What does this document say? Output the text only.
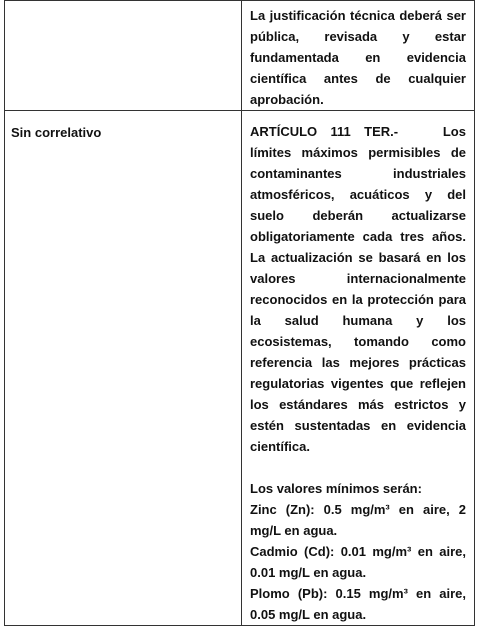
	La justificación técnica deberá ser pública, revisada y estar fundamentada en evidencia científica antes de cualquier aprobación.

Sin correlativo	ARTÍCULO 111 TER.- Los límites máximos permisibles de contaminantes industriales atmosféricos, acuáticos y del suelo deberán actualizarse obligatoriamente cada tres años. La actualización se basará en los valores internacionalmente reconocidos en la protección para la salud humana y los ecosistemas, tomando como referencia las mejores prácticas regulatorias vigentes que reflejen los estándares más estrictos y estén sustentadas en evidencia científica.

Los valores mínimos serán:

Zinc (Zn): 0.5 mg/m³ en aire, 2 mg/L en agua.

Cadmio (Cd): 0.01 mg/m³ en aire, 0.01 mg/L en agua.

Plomo (Pb): 0.15 mg/m³ en aire, 0.05 mg/L en agua.
